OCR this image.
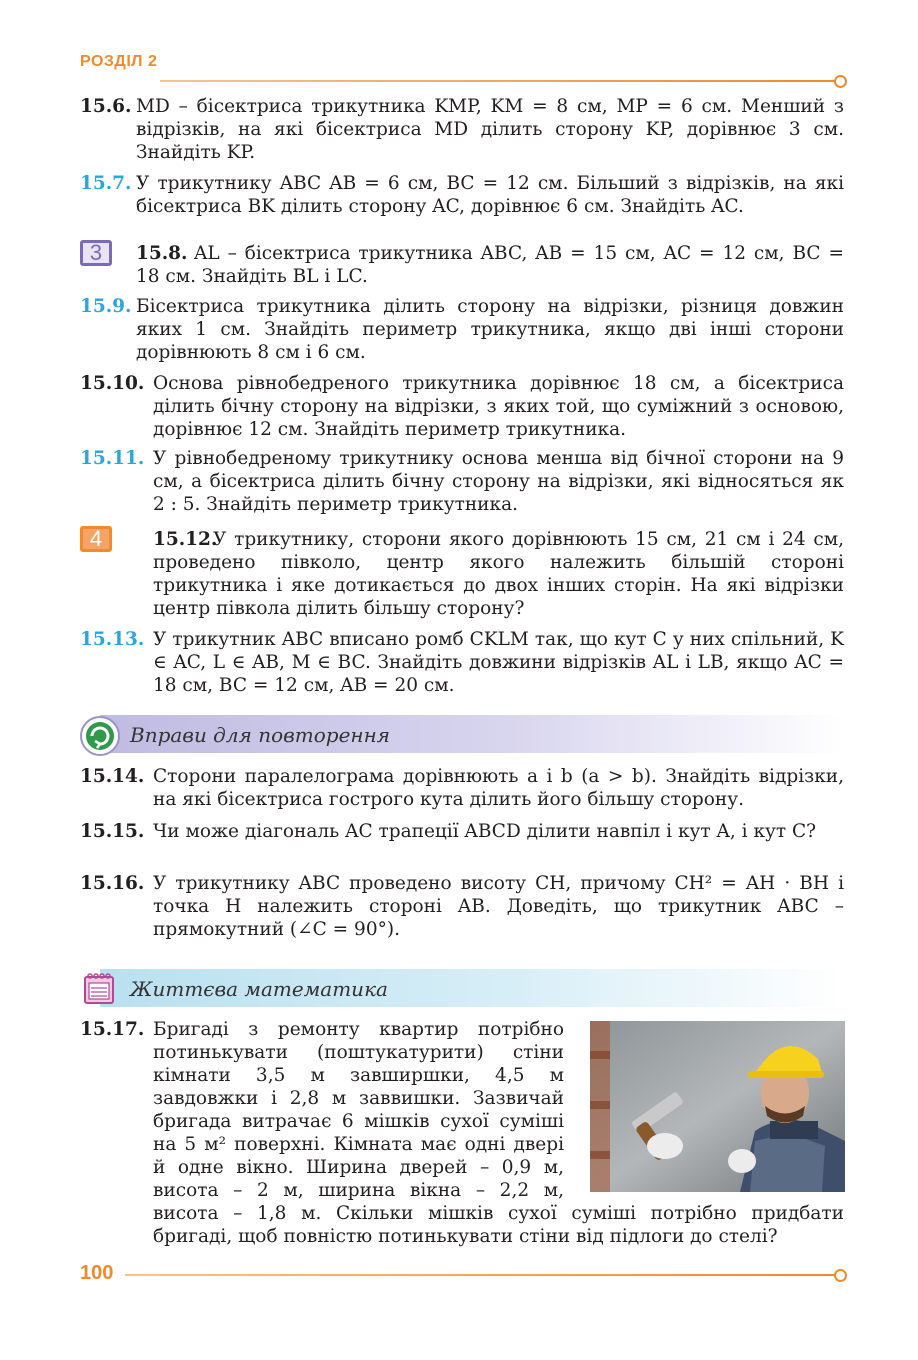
РОЗДІЛ 2
15.6. MD – бісектриса трикутника KMP, KM = 8 см, MP = 6 см. Менший з відрізків, на які бісектриса MD ділить сторону KP, дорівнює 3 см. Знайдіть KP.
15.7. У трикутнику ABC AB = 6 см, BC = 12 см. Більший з відрізків, на які бісектриса BK ділить сторону AC, дорівнює 6 см. Знайдіть AC.
3	15.8. AL – бісектриса трикутника ABC, AB = 15 см, AC = 12 см, BC = 18 см. Знайдіть BL і LC.
15.9. Бісектриса трикутника ділить сторону на відрізки, різниця довжин яких 1 см. Знайдіть периметр трикутника, якщо дві інші сторони дорівнюють 8 см і 6 см.
15.10. Основа рівнобедреного трикутника дорівнює 18 см, а бісектриса ділить бічну сторону на відрізки, з яких той, що суміжний з основою, дорівнює 12 см. Знайдіть периметр трикутника.
15.11. У рівнобедреному трикутнику основа менша від бічної сторони на 9 см, а бісектриса ділить бічну сторону на відрізки, які відносяться як 2 : 5. Знайдіть периметр трикутника.
4	15.12.
У трикутнику, сторони якого дорівнюють 15 см, 21 см і 24 см, проведено півколо, центр якого належить більшій стороні трикутника і яке дотикається до двох інших сторін. На які відрізки центр півкола ділить більшу сторону?
15.13. У трикутник ABC вписано ромб CKLM так, що кут C у них спільний, K ∈ AC, L ∈ AB, M ∈ BC. Знайдіть довжини відрізків AL і LB, якщо AC = 18 см, BC = 12 см, AB = 20 см.
Вправи для повторення
15.14. Сторони паралелограма дорівнюють a і b (a > b). Знайдіть відрізки, на які бісектриса гострого кута ділить його більшу сторону.
15.15. Чи може діагональ AC трапеції ABCD ділити навпіл і кут A, і кут C?
15.16. У трикутнику ABC проведено висоту CH, причому CH² = AH · BH і точка H належить стороні AB. Доведіть, що трикутник ABC – прямокутний (∠C = 90°).
Життєва математика
15.17. Бригаді з ремонту квартир потрібно потинькувати (поштукатурити) стіни кімнати 3,5 м завширшки, 4,5 м завдовжки і 2,8 м заввишки. Зазвичай бригада витрачає 6 мішків сухої суміші на 5 м² поверхні. Кімната має одні двері й одне вікно. Ширина дверей – 0,9 м, висота – 2 м, ширина вікна – 2,2 м, висота – 1,8 м. Скільки мішків сухої суміші потрібно придбати бригаді, щоб повністю потинькувати стіни від підлоги до стелі?
100
